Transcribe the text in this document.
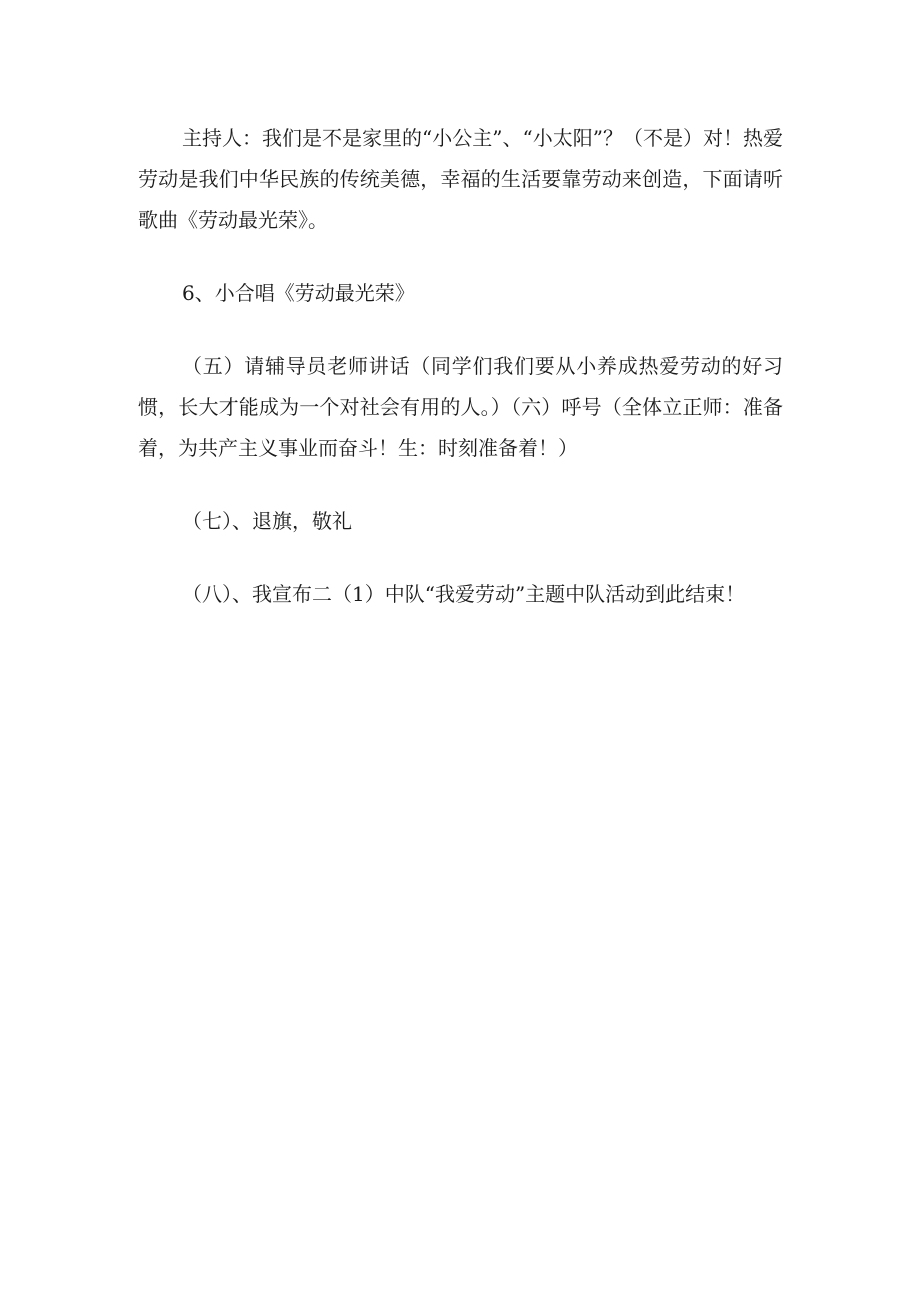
主持人：我们是不是家里的“小公主”、“小太阳”？（不是）对！热爱劳动是我们中华民族的传统美德，幸福的生活要靠劳动来创造，下面请听歌曲《劳动最光荣》。

6、小合唱《劳动最光荣》

（五）请辅导员老师讲话（同学们我们要从小养成热爱劳动的好习惯，长大才能成为一个对社会有用的人。）（六）呼号（全体立正师：准备着，为共产主义事业而奋斗！生：时刻准备着！）

（七）、退旗，敬礼

（八）、我宣布二（1）中队“我爱劳动”主题中队活动到此结束！
